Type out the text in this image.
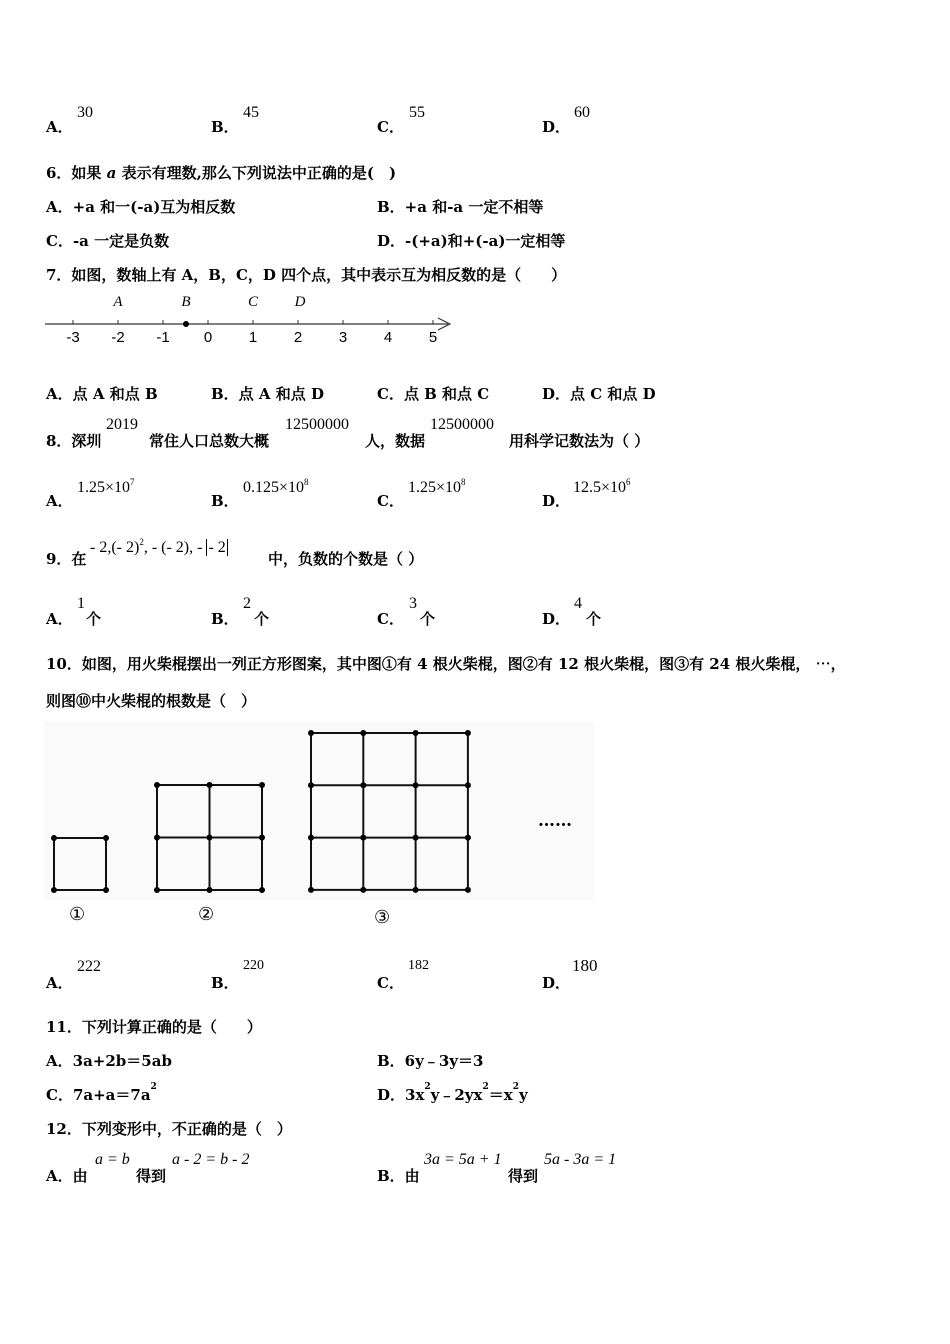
A．
30
B．
45
C．
55
D．
60
6．如果 a 表示有理数,那么下列说法中正确的是(　)
A．+a 和一(-a)互为相反数	B．+a 和-a 一定不相等
C．-a 一定是负数	D．-(+a)和+(-a)一定相等
7．如图，数轴上有 A，B，C，D 四个点，其中表示互为相反数的是（　　）
-3 -2 -1 0 1 2 3 4 5
A	B	C D
A．点 A 和点 B	B．点 A 和点 D	C．点 B 和点 C	D．点 C 和点 D
8．深圳
2019
常住人口总数大概
12500000
人，数据
12500000
用科学记数法为（ ）
A．
$1.25\times 10^7$
B．
$0.125\times 10^8$
C．
$1.25\times 10^8$
D．
$12.5\times 10^6$
9．在
- 2,(- 2)$^2$, - (- 2), - - 2
中，负数的个数是（ ）
A．
1
个	B．
2
个	C．
3
个	D．
4
个
10．如图，用火柴棍摆出一列正方形图案，其中图①有 4 根火柴棍，图②有 12 根火柴棍，图③有 24 根火柴棍， ⋯，
则图⑩中火柴棍的根数是（　）
①	②	③
……
A．
222
B．
220
C．
182
D．
180
11．下列计算正确的是（　　）
A．3a+2b＝5ab	B．6y﹣3y＝3
C．$7a+a=7a^2$	D．$3x^2y﹣2yx^2=x^2y$
12．下列变形中，不正确的是（　）
A．由
a = b
得到
a - 2 = b - 2
B．由
3a = 5a + 1
得到
5a - 3a = 1
